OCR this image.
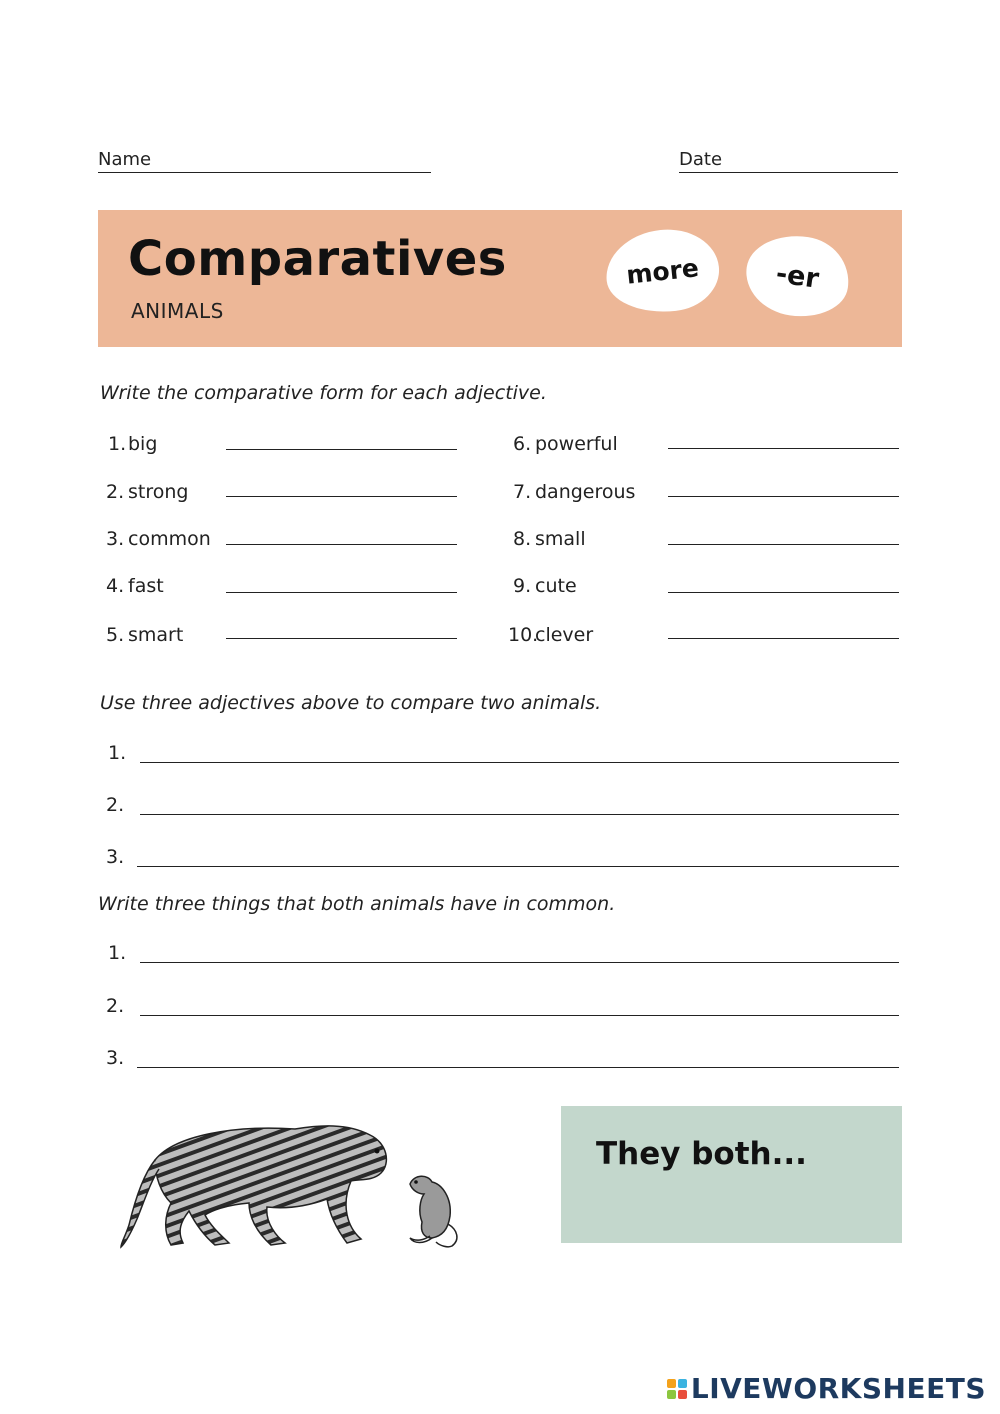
Name	Date
Comparatives
ANIMALS
more	-er
Write the comparative form for each adjective.
1. big
2. strong
3. common
4. fast
5. smart
6. powerful
7. dangerous
8. small
9. cute
10.
clever
Use three adjectives above to compare two animals.
1.
2.
3.
Write three things that both animals have in common.
1.
2.
3.
They both...
LIVEWORKSHEETS
